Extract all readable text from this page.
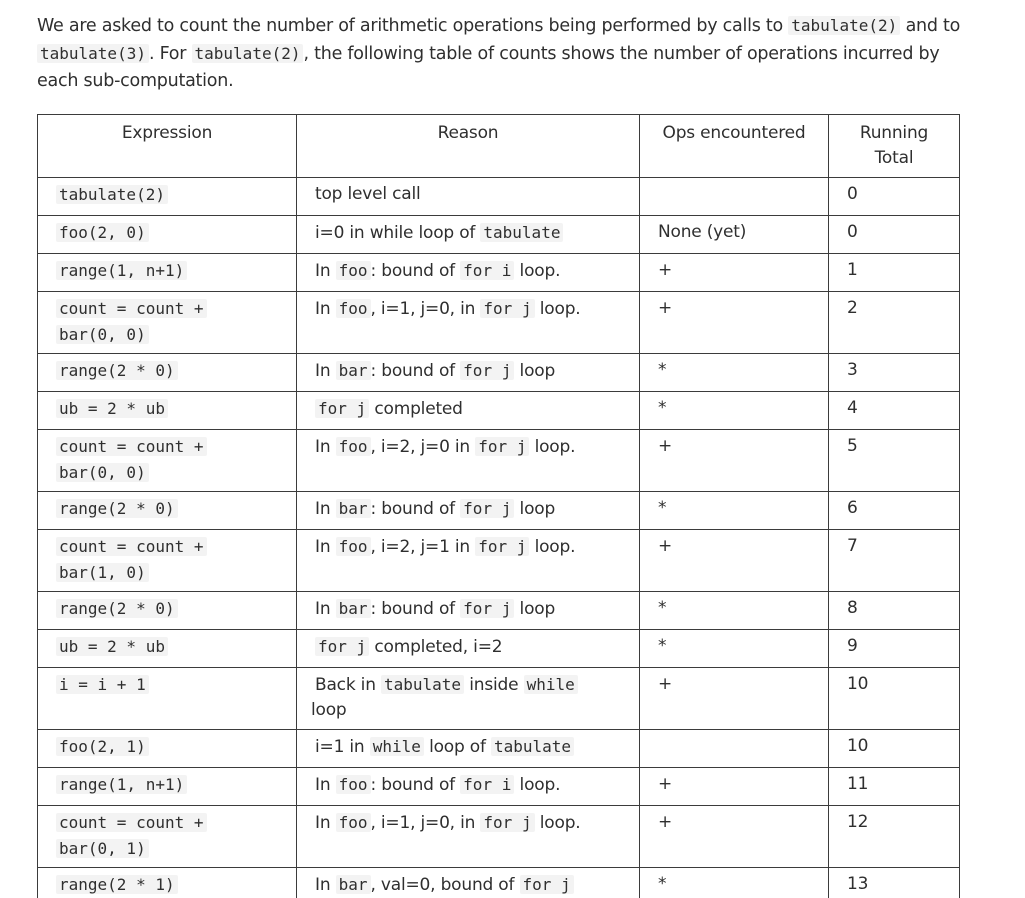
We are asked to count the number of arithmetic operations being performed by calls to tabulate(2) and to tabulate(3) . For tabulate(2) , the following table of counts shows the number of operations incurred by each sub-computation.

Expression	Reason	Ops encountered	Running
Total
tabulate(2)	top level call		0
foo(2, 0)	i=0 in while loop of tabulate	None (yet)	0
range(1, n+1)	In foo : bound of for i loop.	+	1
count = count +
bar(0, 0)	In foo , i=1, j=0, in for j loop.	+	2
range(2 * 0)	In bar : bound of for j loop	*	3
ub = 2 * ub	for j completed	*	4
count = count +
bar(0, 0)	In foo , i=2, j=0 in for j loop.	+	5
range(2 * 0)	In bar : bound of for j loop	*	6
count = count +
bar(1, 0)	In foo , i=2, j=1 in for j loop.	+	7
range(2 * 0)	In bar : bound of for j loop	*	8
ub = 2 * ub	for j completed, i=2	*	9
i = i + 1	Back in tabulate inside while
loop	+	10
foo(2, 1)	i=1 in while loop of tabulate		10
range(1, n+1)	In foo : bound of for i loop.	+	11
count = count +
bar(0, 1)	In foo , i=1, j=0, in for j loop.	+	12
range(2 * 1)	In bar , val=0, bound of for j	*	13
